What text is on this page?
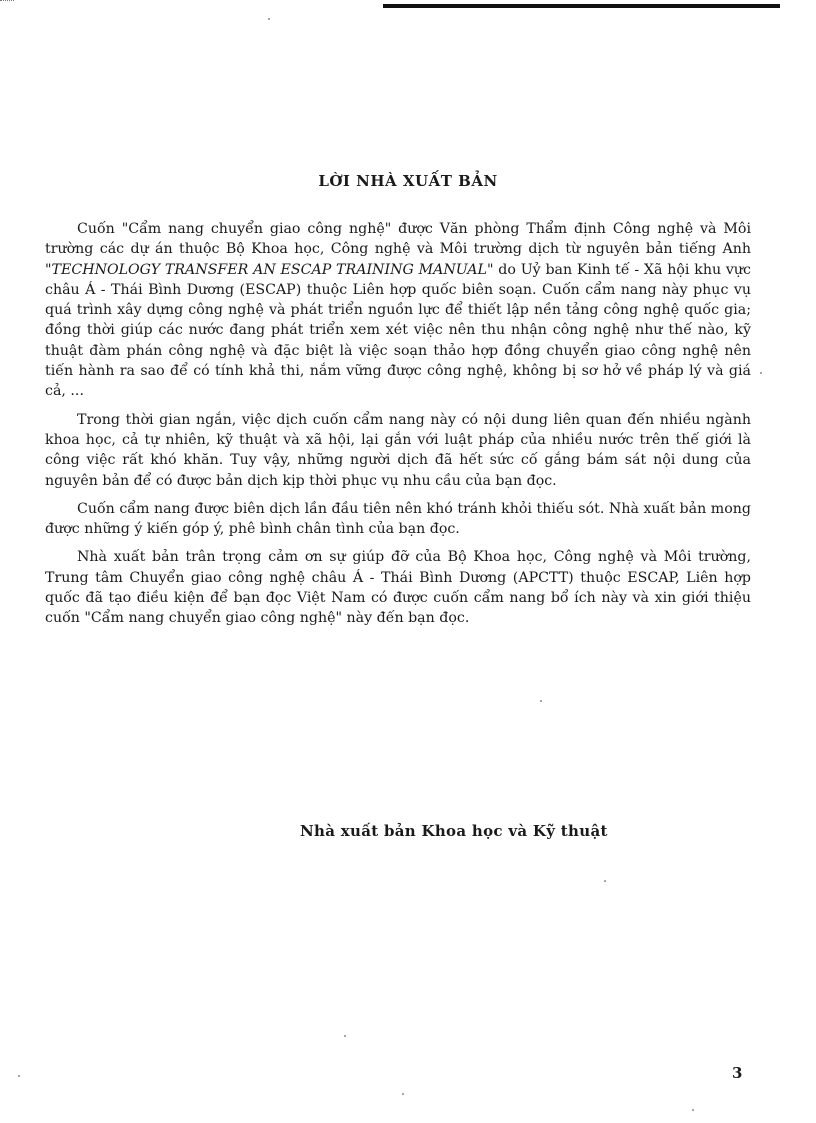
LỜI NHÀ XUẤT BẢN

Cuốn "Cẩm nang chuyển giao công nghệ" được Văn phòng Thẩm định Công nghệ và Môi trường các dự án thuộc Bộ Khoa học, Công nghệ và Môi trường dịch từ nguyên bản tiếng Anh "TECHNOLOGY TRANSFER AN ESCAP TRAINING MANUAL" do Uỷ ban Kinh tế - Xã hội khu vực châu Á - Thái Bình Dương (ESCAP) thuộc Liên hợp quốc biên soạn. Cuốn cẩm nang này phục vụ quá trình xây dựng công nghệ và phát triển nguồn lực để thiết lập nền tảng công nghệ quốc gia; đồng thời giúp các nước đang phát triển xem xét việc nên thu nhận công nghệ như thế nào, kỹ thuật đàm phán công nghệ và đặc biệt là việc soạn thảo hợp đồng chuyển giao công nghệ nên tiến hành ra sao để có tính khả thi, nắm vững được công nghệ, không bị sơ hở về pháp lý và giá cả, ...

Trong thời gian ngắn, việc dịch cuốn cẩm nang này có nội dung liên quan đến nhiều ngành khoa học, cả tự nhiên, kỹ thuật và xã hội, lại gắn với luật pháp của nhiều nước trên thế giới là công việc rất khó khăn. Tuy vậy, những người dịch đã hết sức cố gắng bám sát nội dung của nguyên bản để có được bản dịch kịp thời phục vụ nhu cầu của bạn đọc.

Cuốn cẩm nang được biên dịch lần đầu tiên nên khó tránh khỏi thiếu sót. Nhà xuất bản mong được những ý kiến góp ý, phê bình chân tình của bạn đọc.

Nhà xuất bản trân trọng cảm ơn sự giúp đỡ của Bộ Khoa học, Công nghệ và Môi trường, Trung tâm Chuyển giao công nghệ châu Á - Thái Bình Dương (APCTT) thuộc ESCAP, Liên hợp quốc đã tạo điều kiện để bạn đọc Việt Nam có được cuốn cẩm nang bổ ích này và xin giới thiệu cuốn "Cẩm nang chuyển giao công nghệ" này đến bạn đọc.

Nhà xuất bản Khoa học và Kỹ thuật
3
